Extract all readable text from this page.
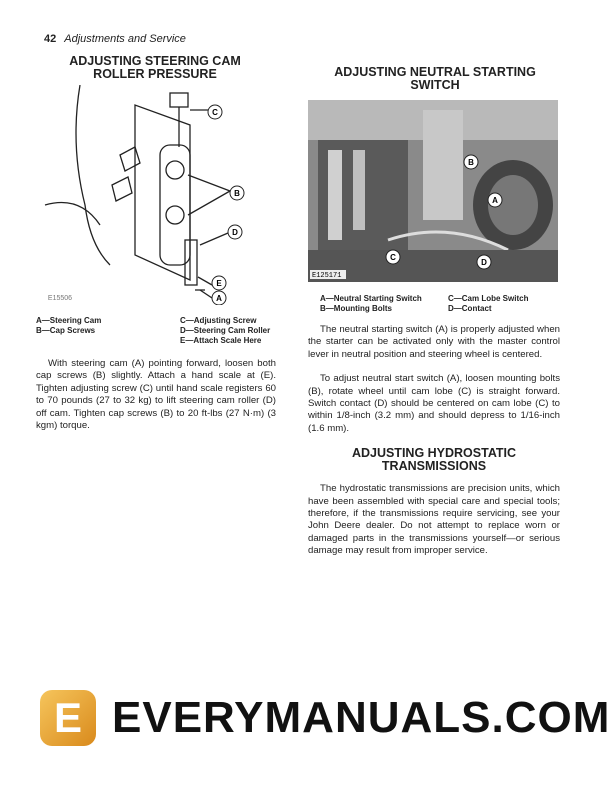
42 Adjustments and Service
ADJUSTING STEERING CAM ROLLER PRESSURE
C
B
D
E
A
E15506
A—Steering Cam
B—Cap Screws
C—Adjusting Screw
D—Steering Cam Roller
E—Attach Scale Here
With steering cam (A) pointing forward, loosen both cap screws (B) slightly. Attach a hand scale at (E). Tighten adjusting screw (C) until hand scale registers 60 to 70 pounds (27 to 32 kg) to lift steering cam roller (D) off cam. Tighten cap screws (B) to 20 ft-lbs (27 N·m) (3 kgm) torque.
ADJUSTING NEUTRAL STARTING SWITCH
E125171
B
A
C
D
A—Neutral Starting Switch
B—Mounting Bolts
C—Cam Lobe Switch
D—Contact
The neutral starting switch (A) is properly adjusted when the starter can be activated only with the master control lever in neutral position and steering wheel is centered.
To adjust neutral start switch (A), loosen mounting bolts (B), rotate wheel until cam lobe (C) is straight forward. Switch contact (D) should be centered on cam lobe (C) to within 1/8-inch (3.2 mm) and should depress to 1/16-inch (1.6 mm).
ADJUSTING HYDROSTATIC TRANSMISSIONS
The hydrostatic transmissions are precision units, which have been assembled with special care and special tools; therefore, if the transmissions require servicing, see your John Deere dealer. Do not attempt to replace worn or damaged parts in the transmissions yourself—or serious damage may result from improper service.
E EVERYMANUALS.COM
